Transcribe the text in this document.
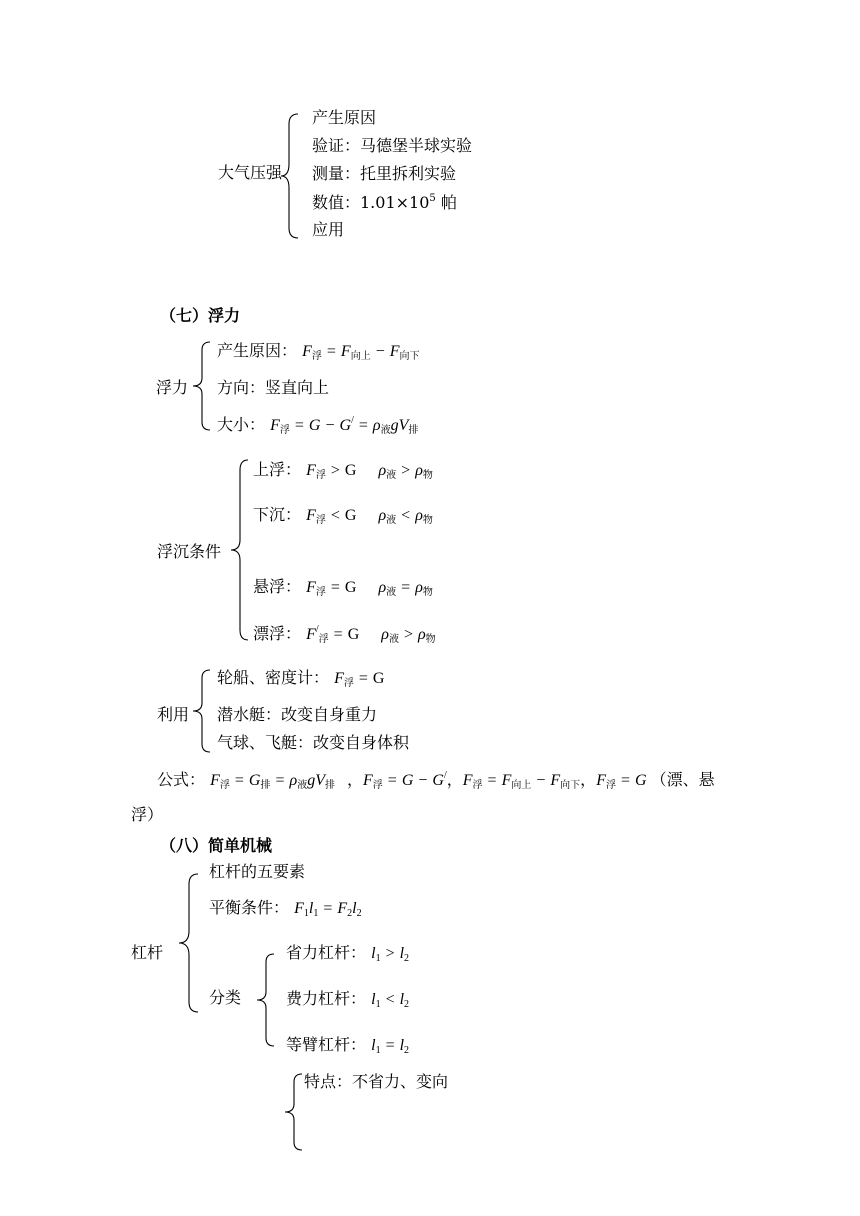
大气压强
产生原因
验证：马德堡半球实验
测量：托里拆利实验
数值：$1.01\times 10^5$ 帕
应用
（七）浮力
浮力
产生原因： F浮 = F向上 − F向下
方向：竖直向上
大小： F浮 = G − G/ = ρ液gV排
浮沉条件
上浮： F浮 > G ρ液 > ρ物
下沉： F浮 < G ρ液 < ρ物
悬浮： F浮 = G ρ液 = ρ物
漂浮： F/浮 = G ρ液 > ρ物
利用
轮船、密度计： F浮 = G
潜水艇：改变自身重力
气球、飞艇：改变自身体积
公式： F浮 = G排 = ρ液gV排 ，F浮 = G − G/，F浮 = F向上 − F向下，F浮 = G （漂、悬
浮）
（八）简单机械
杠杆
杠杆的五要素
平衡条件： F1l1 = F2l2
分类
省力杠杆： l1 > l2
费力杠杆： l1 < l2
等臂杠杆： l1 = l2
特点：不省力、变向
